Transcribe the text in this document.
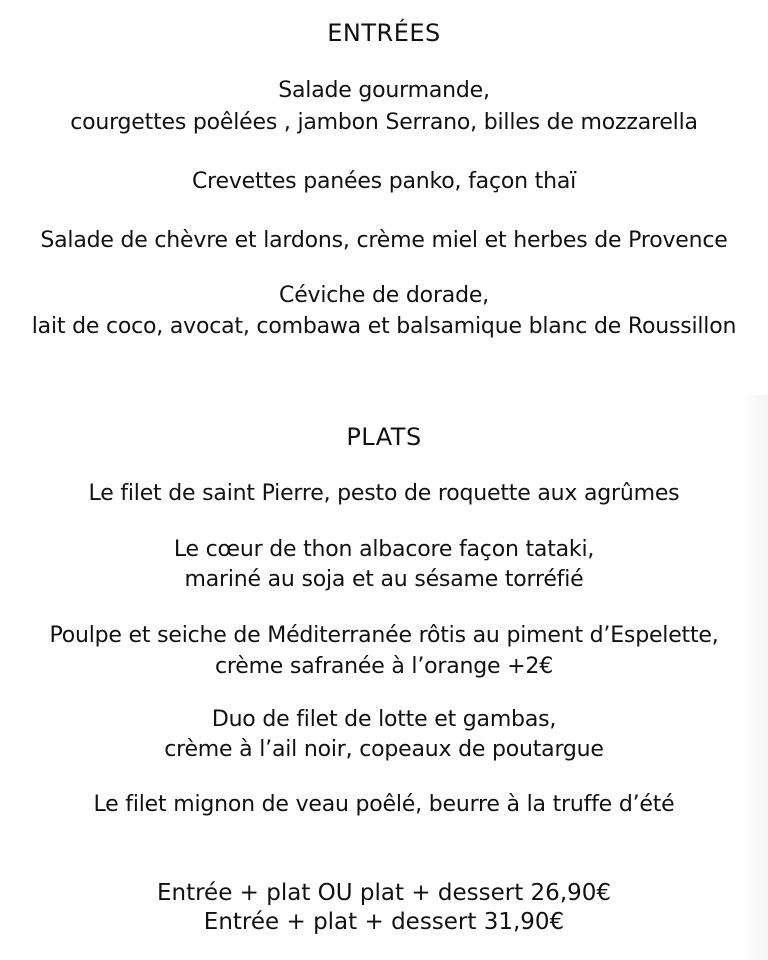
ENTRÉES
Salade gourmande,
courgettes poêlées , jambon Serrano, billes de mozzarella
Crevettes panées panko, façon thaï
Salade de chèvre et lardons, crème miel et herbes de Provence
Céviche de dorade,
lait de coco, avocat, combawa et balsamique blanc de Roussillon
PLATS
Le filet de saint Pierre, pesto de roquette aux agrûmes
Le cœur de thon albacore façon tataki,
mariné au soja et au sésame torréfié
Poulpe et seiche de Méditerranée rôtis au piment d’Espelette,
crème safranée à l’orange +2€
Duo de filet de lotte et gambas,
crème à l’ail noir, copeaux de poutargue
Le filet mignon de veau poêlé, beurre à la truffe d’été
Entrée + plat OU plat + dessert 26,90€
Entrée + plat + dessert 31,90€
